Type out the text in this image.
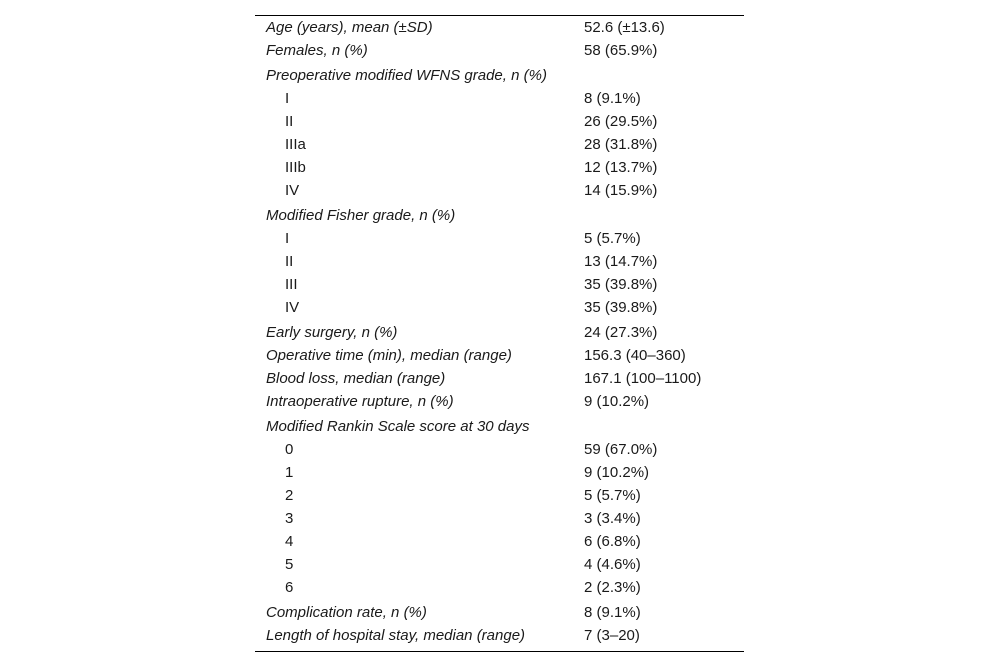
Age (years), mean (±SD)	52.6 (±13.6)
Females, n (%)	58 (65.9%)
Preoperative modified WFNS grade, n (%)
I	8 (9.1%)
II	26 (29.5%)
IIIa	28 (31.8%)
IIIb	12 (13.7%)
IV	14 (15.9%)
Modified Fisher grade, n (%)
I	5 (5.7%)
II	13 (14.7%)
III	35 (39.8%)
IV	35 (39.8%)
Early surgery, n (%)	24 (27.3%)
Operative time (min), median (range)	156.3 (40–360)
Blood loss, median (range)	167.1 (100–1100)
Intraoperative rupture, n (%)	9 (10.2%)
Modified Rankin Scale score at 30 days
0	59 (67.0%)
1	9 (10.2%)
2	5 (5.7%)
3	3 (3.4%)
4	6 (6.8%)
5	4 (4.6%)
6	2 (2.3%)
Complication rate, n (%)	8 (9.1%)
Length of hospital stay, median (range)	7 (3–20)
